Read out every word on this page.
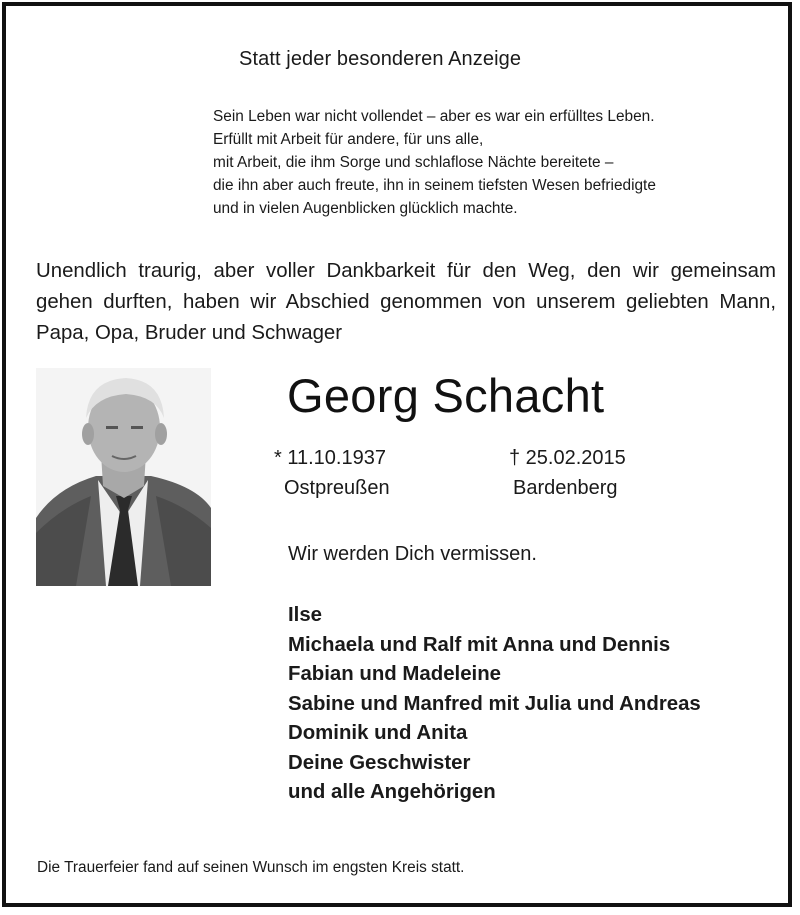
Statt jeder besonderen Anzeige
Sein Leben war nicht vollendet – aber es war ein erfülltes Leben.
Erfüllt mit Arbeit für andere, für uns alle,
mit Arbeit, die ihm Sorge und schlaflose Nächte bereitete –
die ihn aber auch freute, ihn in seinem tiefsten Wesen befriedigte
und in vielen Augenblicken glücklich machte.
Unendlich traurig, aber voller Dankbarkeit für den Weg, den wir gemeinsam gehen durften, haben wir Abschied genommen von unserem geliebten Mann, Papa, Opa, Bruder und Schwager
Georg Schacht
* 11.10.1937
Ostpreußen
† 25.02.2015
Bardenberg
Wir werden Dich vermissen.
Ilse
Michaela und Ralf mit Anna und Dennis
Fabian und Madeleine
Sabine und Manfred mit Julia und Andreas
Dominik und Anita
Deine Geschwister
und alle Angehörigen
Die Trauerfeier fand auf seinen Wunsch im engsten Kreis statt.
